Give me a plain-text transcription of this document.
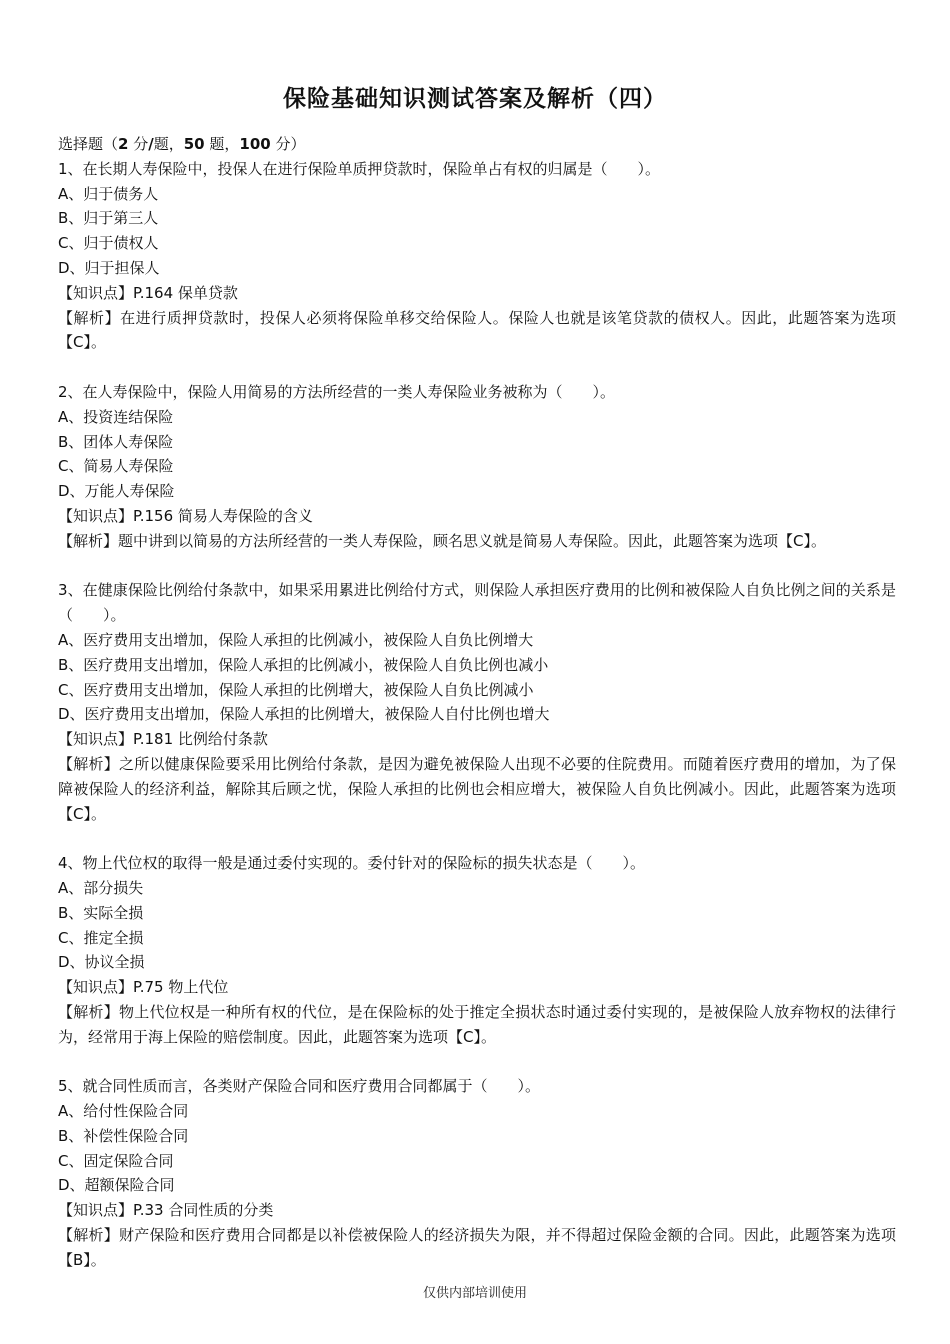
保险基础知识测试答案及解析（四）
选择题（2 分/题，50 题，100 分）
1、在长期人寿保险中，投保人在进行保险单质押贷款时，保险单占有权的归属是（　　）。
A、归于债务人
B、归于第三人
C、归于债权人
D、归于担保人
【知识点】P.164 保单贷款
【解析】在进行质押贷款时，投保人必须将保险单移交给保险人。保险人也就是该笔贷款的债权人。因此，此题答案为选项【C】。
2、在人寿保险中，保险人用简易的方法所经营的一类人寿保险业务被称为（　　）。
A、投资连结保险
B、团体人寿保险
C、简易人寿保险
D、万能人寿保险
【知识点】P.156 简易人寿保险的含义
【解析】题中讲到以简易的方法所经营的一类人寿保险，顾名思义就是简易人寿保险。因此，此题答案为选项【C】。
3、在健康保险比例给付条款中，如果采用累进比例给付方式，则保险人承担医疗费用的比例和被保险人自负比例之间的关系是（　　）。
A、医疗费用支出增加，保险人承担的比例减小，被保险人自负比例增大
B、医疗费用支出增加，保险人承担的比例减小，被保险人自负比例也减小
C、医疗费用支出增加，保险人承担的比例增大，被保险人自负比例减小
D、医疗费用支出增加，保险人承担的比例增大，被保险人自付比例也增大
【知识点】P.181 比例给付条款
【解析】之所以健康保险要采用比例给付条款，是因为避免被保险人出现不必要的住院费用。而随着医疗费用的增加，为了保障被保险人的经济利益，解除其后顾之忧，保险人承担的比例也会相应增大，被保险人自负比例减小。因此，此题答案为选项【C】。
4、物上代位权的取得一般是通过委付实现的。委付针对的保险标的损失状态是（　　）。
A、部分损失
B、实际全损
C、推定全损
D、协议全损
【知识点】P.75 物上代位
【解析】物上代位权是一种所有权的代位，是在保险标的处于推定全损状态时通过委付实现的，是被保险人放弃物权的法律行为，经常用于海上保险的赔偿制度。因此，此题答案为选项【C】。
5、就合同性质而言，各类财产保险合同和医疗费用合同都属于（　　）。
A、给付性保险合同
B、补偿性保险合同
C、固定保险合同
D、超额保险合同
【知识点】P.33 合同性质的分类
【解析】财产保险和医疗费用合同都是以补偿被保险人的经济损失为限，并不得超过保险金额的合同。因此，此题答案为选项【B】。
仅供内部培训使用
